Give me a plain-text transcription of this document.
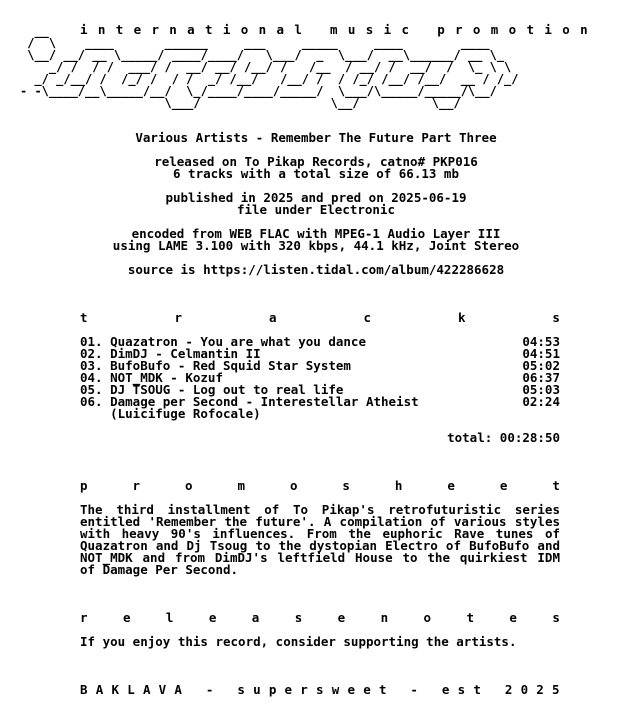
i n t e r n a t i o n a l
m u s i c
p r o m o t i o n
__
/  \    ____       ______     ___     _____     ____        ____
\__/ __/ __ \_____/ ____/____/   \___/  _  \___/  __\______/ __ \_
_/ /  / /  ___/ /  __/ __/ /__/ /   /__  / __/ /  __/  /  \_ \ \
_/ _/__/ /  /_/ /  / /  _/ /__/   /__/ /  / /_/ /__/ /__/  __ / /_/
- -\____/__\_____/__/  \_/____/____/_____/  \___/\_____/_____/\__/
\___/                  \__/          \__/
Various Artists - Remember The Future Part Three
released on To Pikap Records, catno# PKP016
6 tracks with a total size of 66.13 mb
published in 2025 and pred on 2025-06-19
file under Electronic
encoded from WEB FLAC with MPEG-1 Audio Layer III
using LAME 3.100 with 320 kbps, 44.1 kHz, Joint Stereo
source is https://listen.tidal.com/album/422286628
t	r	a	c	k	s
01. Quazatron - You are what you dance	04:53
02. DimDJ - Celmantin II	04:51
03. BufoBufo - Red Squid Star System	05:02
04. NOT_MDK - Kozuf	06:37
05. DJ TSOUG - Log out to real life	05:03
06. Damage per Second - Interestellar Atheist	02:24
(Luicifuge Rofocale)
total: 00:28:50
p	r	o	m	o	s	h	e	e	t
The third installment of To Pikap's retrofuturistic series entitled 'Remember the future'. A compilation of various styles with heavy 90's influences. From the euphoric Rave tunes of Quazatron and Dj Tsoug to the dystopian Electro of BufoBufo and NOT_MDK and from DimDJ's leftfield House to the quirkiest IDM of Damage Per Second.
r	e	l	e	a	s	e	n	o	t	e	s
If you enjoy this record, consider supporting the artists.
B A K L A V A
-
s u p e r s w e e t
-
e s t
2 0 2 5
